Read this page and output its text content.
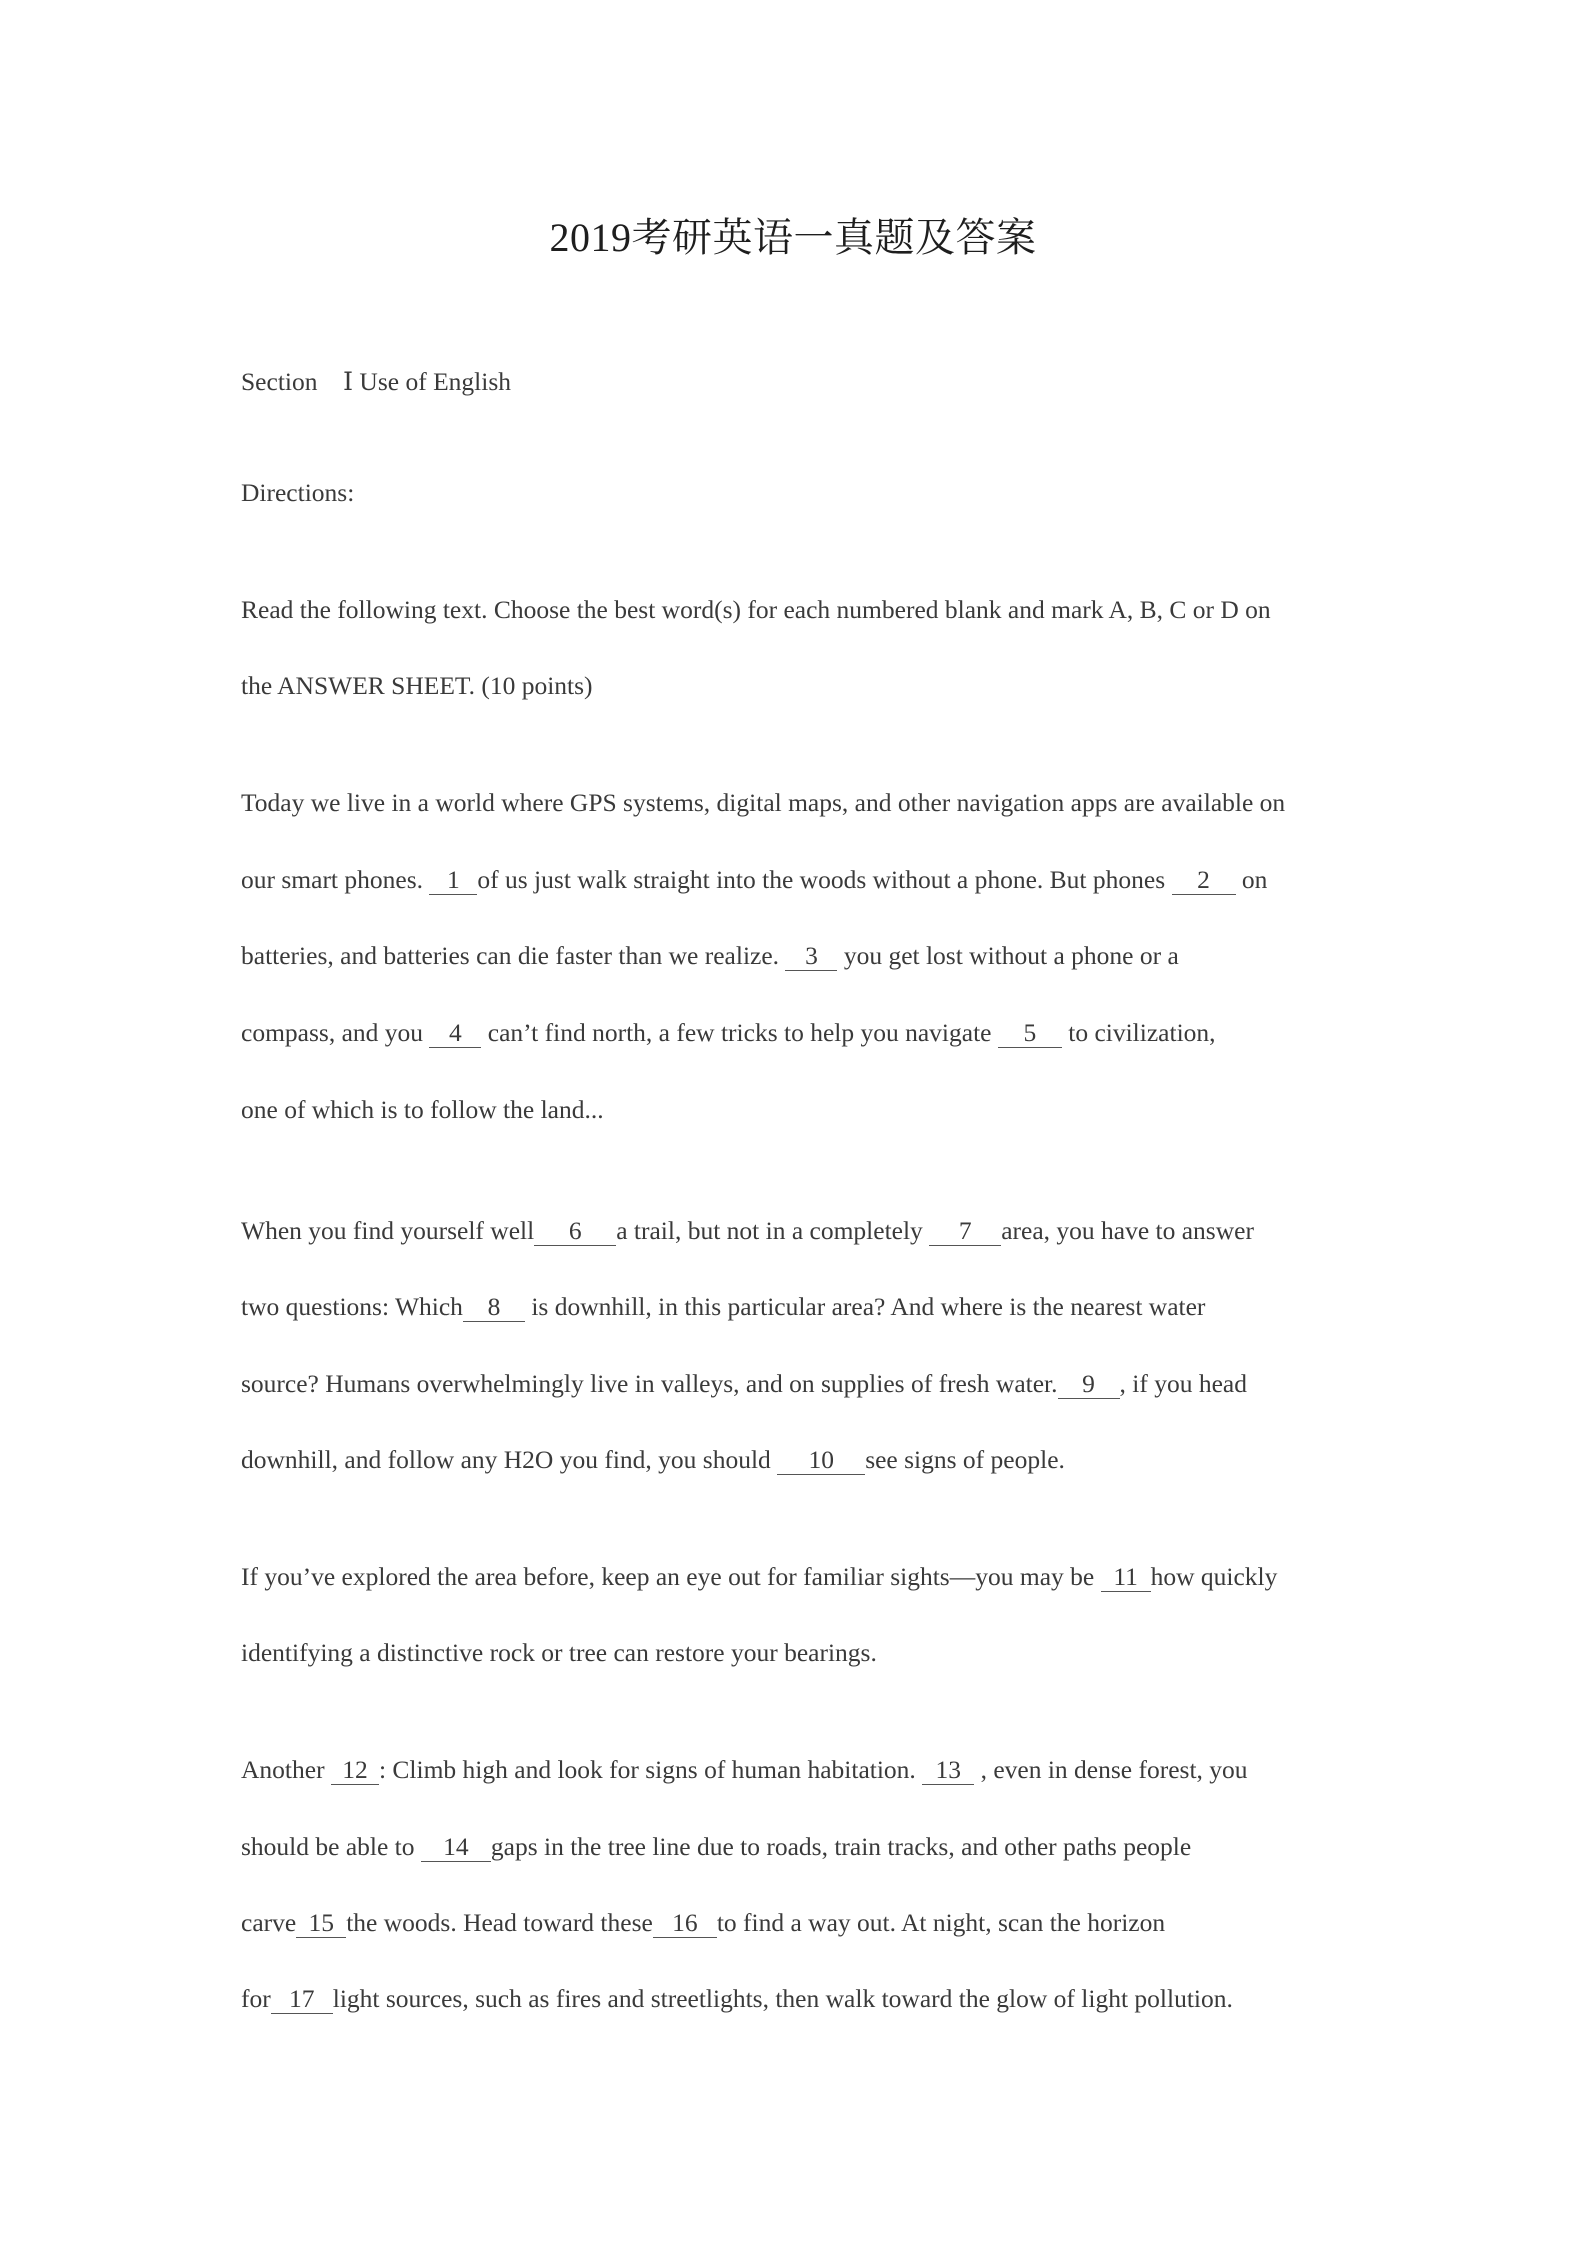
2019考研英语一真题及答案
Section　Ⅰ Use of English
Directions:
Read the following text. Choose the best word(s) for each numbered blank and mark A, B, C or D on
the ANSWER SHEET. (10 points)
Today we live in a world where GPS systems, digital maps, and other navigation apps are available on
our smart phones. 1 of us just walk straight into the woods without a phone. But phones 2 on
batteries, and batteries can die faster than we realize. 3 you get lost without a phone or a
compass, and you 4 can’t find north, a few tricks to help you navigate 5 to civilization,
one of which is to follow the land...
When you find yourself well 6 a trail, but not in a completely 7 area, you have to answer
two questions: Which 8 is downhill, in this particular area? And where is the nearest water
source? Humans overwhelmingly live in valleys, and on supplies of fresh water. 9 , if you head
downhill, and follow any H2O you find, you should 10 see signs of people.
If you’ve explored the area before, keep an eye out for familiar sights—you may be 11 how quickly
identifying a distinctive rock or tree can restore your bearings.
Another 12 : Climb high and look for signs of human habitation. 13 , even in dense forest, you
should be able to 14 gaps in the tree line due to roads, train tracks, and other paths people
carve 15 the woods. Head toward these 16 to find a way out. At night, scan the horizon
for 17 light sources, such as fires and streetlights, then walk toward the glow of light pollution.
